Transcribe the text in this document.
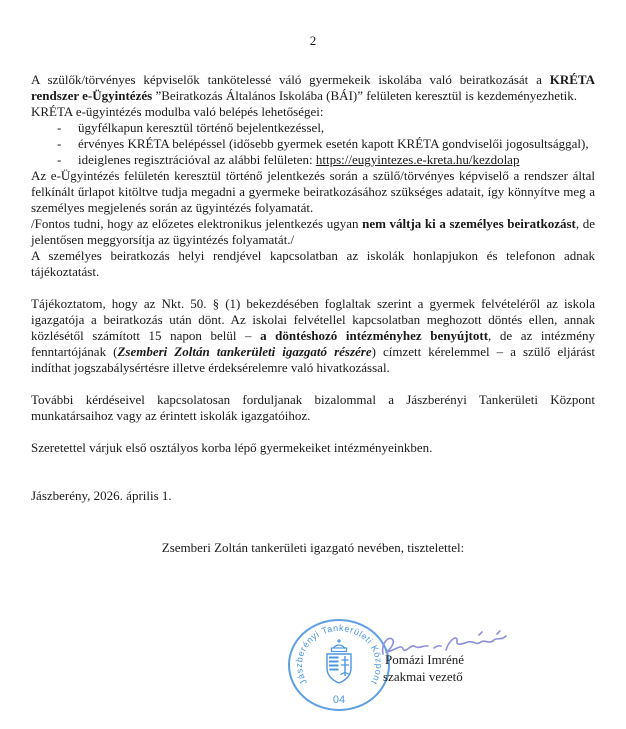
2
A szülők/törvényes képviselők tankötelessé váló gyermekeik iskolába való beiratkozását a KRÉTA rendszer e-Ügyintézés ”Beiratkozás Általános Iskolába (BÁI)” felületen keresztül is kezdeményezhetik.
KRÉTA e-ügyintézés modulba való belépés lehetőségei:
-	ügyfélkapun keresztül történő bejelentkezéssel,
-	érvényes KRÉTA belépéssel (idősebb gyermek esetén kapott KRÉTA gondviselői jogosultsággal),
-	ideiglenes regisztrációval az alábbi felületen: https://eugyintezes.e-kreta.hu/kezdolap
Az e-Ügyintézés felületén keresztül történő jelentkezés során a szülő/törvényes képviselő a rendszer által felkínált űrlapot kitöltve tudja megadni a gyermeke beiratkozásához szükséges adatait, így könnyítve meg a személyes megjelenés során az ügyintézés folyamatát.
/Fontos tudni, hogy az előzetes elektronikus jelentkezés ugyan nem váltja ki a személyes beiratkozást, de jelentősen meggyorsítja az ügyintézés folyamatát./
A személyes beiratkozás helyi rendjével kapcsolatban az iskolák honlapjukon és telefonon adnak tájékoztatást.
Tájékoztatom, hogy az Nkt. 50. § (1) bekezdésében foglaltak szerint a gyermek felvételéről az iskola igazgatója a beiratkozás után dönt. Az iskolai felvétellel kapcsolatban meghozott döntés ellen, annak közlésétől számított 15 napon belül – a döntéshozó intézményhez benyújtott, de az intézmény fenntartójának (Zsemberi Zoltán tankerületi igazgató részére) címzett kérelemmel – a szülő eljárást indíthat jogszabálysértésre illetve érdeksérelemre való hivatkozással.
További kérdéseivel kapcsolatosan forduljanak bizalommal a Jászberényi Tankerületi Központ munkatársaihoz vagy az érintett iskolák igazgatóihoz.
Szeretettel várjuk első osztályos korba lépő gyermekeiket intézményeinkben.
Jászberény, 2026. április 1.
Zsemberi Zoltán tankerületi igazgató nevében, tisztelettel:
Jászberényi Tankerületi Központ
04
Pomázi Imréné
szakmai vezető
